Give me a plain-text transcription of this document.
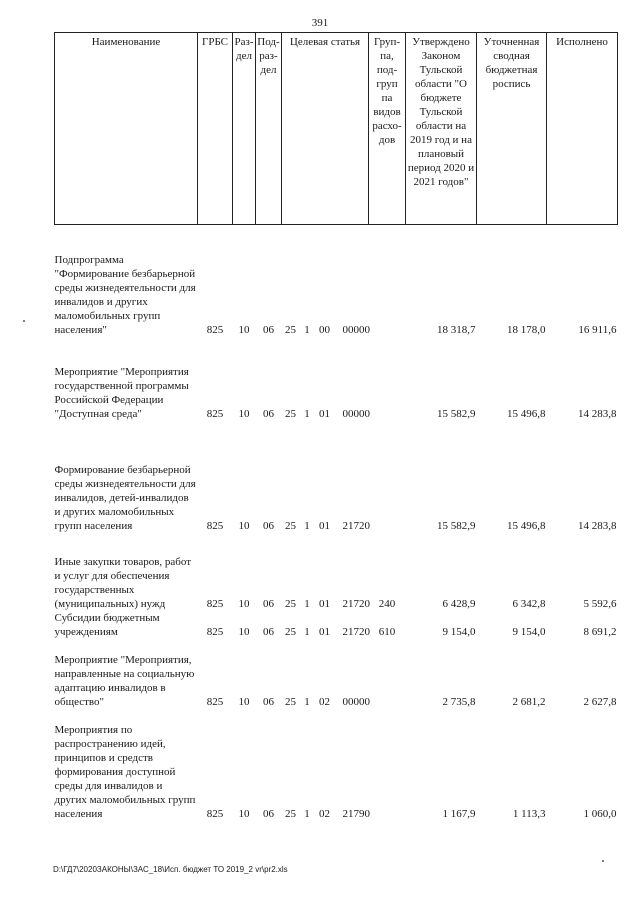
391
Наименование	ГРБС	Раз-дел	Под-раз-дел	Целевая статья				Груп-па, под-груп па видов расхо-дов	Утверждено Законом Тульской области "О бюджете Тульской области на 2019 год и на плановый период 2020 и 2021 годов"	Уточненная сводная бюджетная роспись	Исполнено
Подпрограмма "Формирование безбарьерной среды жизнедеятельности для инвалидов и других маломобильных групп населения"	825	10	06	25	1	00	00000		18 318,7	18 178,0	16 911,6
Мероприятие "Мероприятия государственной программы Российской Федерации "Доступная среда"	825	10	06	25	1	01	00000		15 582,9	15 496,8	14 283,8
Формирование безбарьерной среды жизнедеятельности для инвалидов, детей-инвалидов и других маломобильных групп населения	825	10	06	25	1	01	21720		15 582,9	15 496,8	14 283,8
Иные закупки товаров, работ и услуг для обеспечения государственных (муниципальных) нужд	825	10	06	25	1	01	21720	240	6 428,9	6 342,8	5 592,6
Субсидии бюджетным учреждениям	825	10	06	25	1	01	21720	610	9 154,0	9 154,0	8 691,2
Мероприятие "Мероприятия, направленные на социальную адаптацию инвалидов в общество"	825	10	06	25	1	02	00000		2 735,8	2 681,2	2 627,8
Мероприятия по распространению идей, принципов и средств формирования доступной среды для инвалидов и других маломобильных групп населения	825	10	06	25	1	02	21790		1 167,9	1 113,3	1 060,0
D:\ГД7\2020ЗАКОНЫ\ЗАС_18\Исп. бюджет ТО 2019_2 vr\pr2.xls
